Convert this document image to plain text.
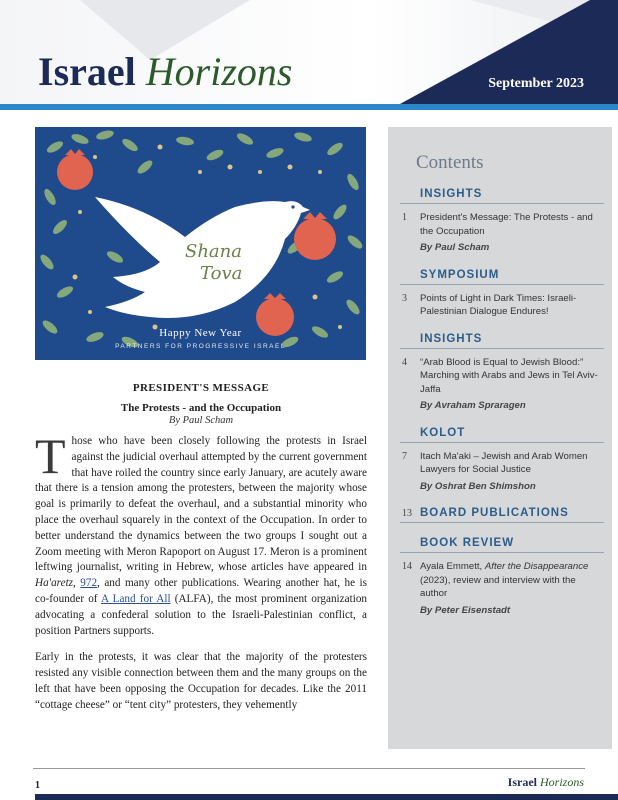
Israel Horizons	September 2023
Shana
Tova
Happy New Year
PARTNERS FOR PROGRESSIVE ISRAEL
PRESIDENT'S MESSAGE
The Protests - and the Occupation
By Paul Scham

Those who have been closely following the protests in Israel against the judicial overhaul attempted by the current government that have roiled the country since early January, are acutely aware that there is a tension among the protesters, between the majority whose goal is primarily to defeat the overhaul, and a substantial minority who place the overhaul squarely in the context of the Occupation. In order to better understand the dynamics between the two groups I sought out a Zoom meeting with Meron Rapoport on August 17. Meron is a prominent leftwing journalist, writing in Hebrew, whose articles have appeared in Ha'aretz, 972, and many other publications. Wearing another hat, he is co-founder of A Land for All (ALFA), the most prominent organization advocating a confederal solution to the Israeli-Palestinian conflict, a position Partners supports.

Early in the protests, it was clear that the majority of the protesters resisted any visible connection between them and the many groups on the left that have been opposing the Occupation for decades. Like the 2011 “cottage cheese” or “tent city” protesters, they vehemently

Contents
INSIGHTS
1 President's Message: The Protests - and the Occupation
By Paul Scham
SYMPOSIUM
3 Points of Light in Dark Times: Israeli-Palestinian Dialogue Endures!
INSIGHTS
4 “Arab Blood is Equal to Jewish Blood:” Marching with Arabs and Jews in Tel Aviv-Jaffa
By Avraham Spraragen
KOLOT
7 Itach Ma'aki – Jewish and Arab Women Lawyers for Social Justice
By Oshrat Ben Shimshon
13 BOARD PUBLICATIONS
BOOK REVIEW
14 Ayala Emmett, After the Disappearance (2023), review and interview with the author
By Peter Eisenstadt
1	Israel Horizons
